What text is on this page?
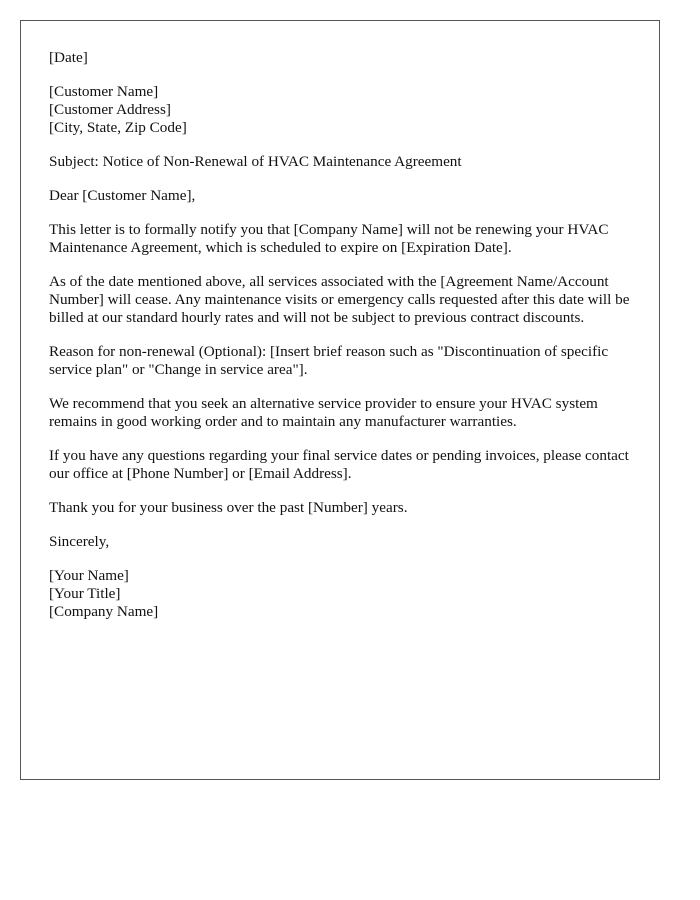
[Date]

[Customer Name]
[Customer Address]
[City, State, Zip Code]

Subject: Notice of Non-Renewal of HVAC Maintenance Agreement

Dear [Customer Name],

This letter is to formally notify you that [Company Name] will not be renewing your HVAC Maintenance Agreement, which is scheduled to expire on [Expiration Date].

As of the date mentioned above, all services associated with the [Agreement Name/Account Number] will cease. Any maintenance visits or emergency calls requested after this date will be billed at our standard hourly rates and will not be subject to previous contract discounts.

Reason for non-renewal (Optional): [Insert brief reason such as "Discontinuation of specific service plan" or "Change in service area"].

We recommend that you seek an alternative service provider to ensure your HVAC system remains in good working order and to maintain any manufacturer warranties.

If you have any questions regarding your final service dates or pending invoices, please contact our office at [Phone Number] or [Email Address].

Thank you for your business over the past [Number] years.

Sincerely,

[Your Name]
[Your Title]
[Company Name]
